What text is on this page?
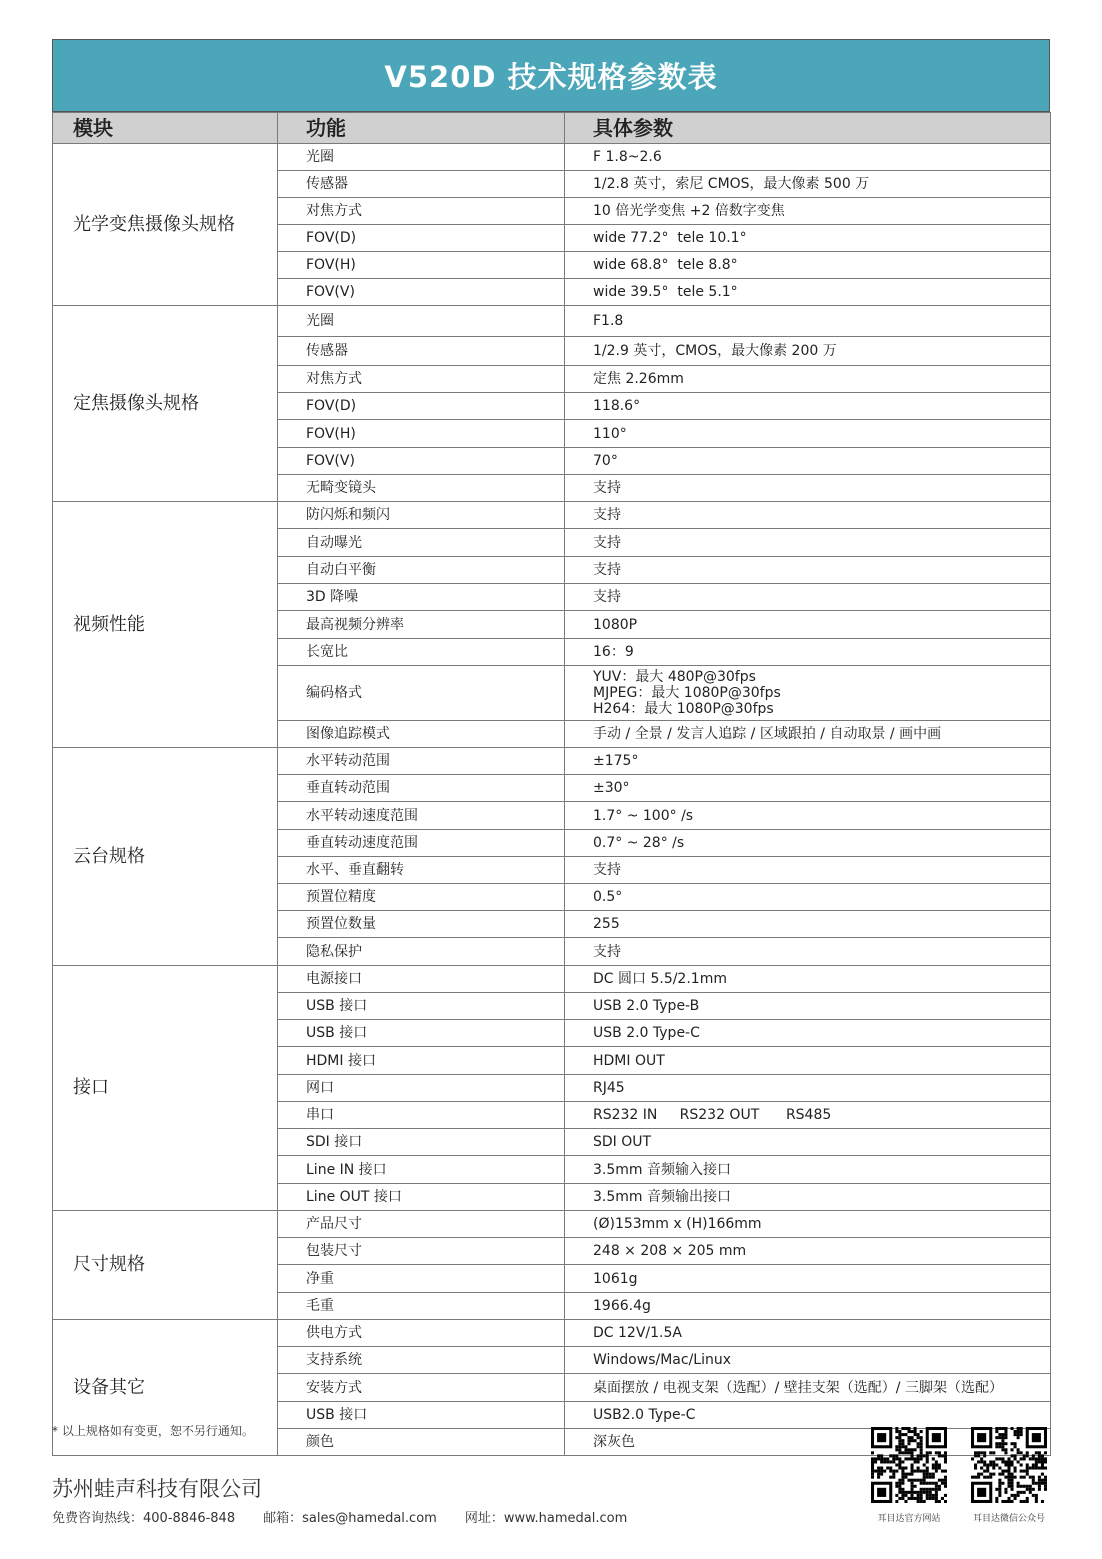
V520D 技术规格参数表
模块	功能	具体参数
光学变焦摄像头规格	光圈	F 1.8~2.6

	传感器	1/2.8 英寸，索尼 CMOS，最大像素 500 万

	对焦方式	10 倍光学变焦 +2 倍数字变焦

	FOV(D)	wide 77.2°  tele 10.1°

	FOV(H)	wide 68.8°  tele 8.8°

	FOV(V)	wide 39.5°  tele 5.1°

定焦摄像头规格	光圈	F1.8

	传感器	1/2.9 英寸，CMOS，最大像素 200 万

	对焦方式	定焦 2.26mm

	FOV(D)	118.6°

	FOV(H)	110°

	FOV(V)	70°

	无畸变镜头	支持

视频性能	防闪烁和频闪	支持

	自动曝光	支持

	自动白平衡	支持

	3D 降噪	支持

	最高视频分辨率	1080P

	长宽比	16：9

	编码格式	YUV：最大 480P@30fps
MJPEG：最大 1080P@30fps
H264：最大 1080P@30fps

	图像追踪模式	手动 / 全景 / 发言人追踪 / 区域跟拍 / 自动取景 / 画中画

云台规格	水平转动范围	±175°

	垂直转动范围	±30°

	水平转动速度范围	1.7° ~ 100° /s

	垂直转动速度范围	0.7° ~ 28° /s

	水平、垂直翻转	支持

	预置位精度	0.5°

	预置位数量	255

	隐私保护	支持

接口	电源接口	DC 圆口 5.5/2.1mm

	USB 接口	USB 2.0 Type-B

	USB 接口	USB 2.0 Type-C

	HDMI 接口	HDMI OUT

	网口	RJ45

	串口	RS232 IN     RS232 OUT      RS485

	SDI 接口	SDI OUT

	Line IN 接口	3.5mm 音频输入接口

	Line OUT 接口	3.5mm 音频输出接口

尺寸规格	产品尺寸	(Ø)153mm x (H)166mm

	包装尺寸	248 × 208 × 205 mm

	净重	1061g

	毛重	1966.4g

设备其它	供电方式	DC 12V/1.5A

	支持系统	Windows/Mac/Linux

	安装方式	桌面摆放 / 电视支架（选配）/ 壁挂支架（选配）/ 三脚架（选配）

	USB 接口	USB2.0 Type-C

	颜色	深灰色
* 以上规格如有变更，恕不另行通知。
苏州蛙声科技有限公司
免费咨询热线：400-8846-848 邮箱：sales@hamedal.com 网址：www.hamedal.com	耳目达官方网站	耳目达微信公众号
